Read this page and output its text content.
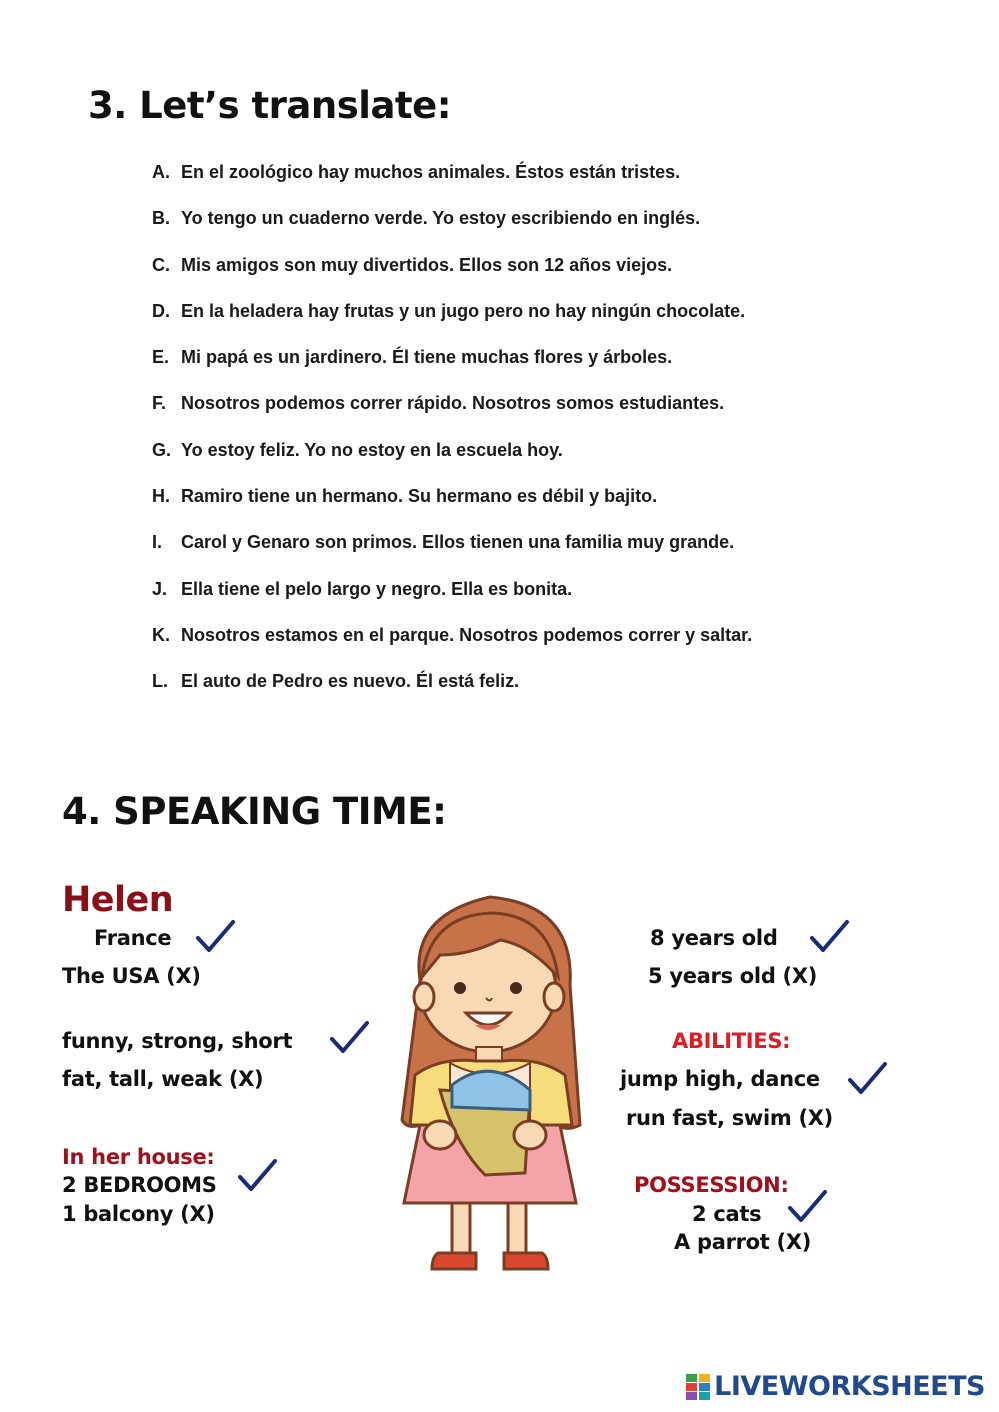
3. Let’s translate:
A. En el zoológico hay muchos animales. Éstos están tristes.
B. Yo tengo un cuaderno verde. Yo estoy escribiendo en inglés.
C. Mis amigos son muy divertidos. Ellos son 12 años viejos.
D. En la heladera hay frutas y un jugo pero no hay ningún chocolate.
E. Mi papá es un jardinero. Él tiene muchas flores y árboles.
F. Nosotros podemos correr rápido. Nosotros somos estudiantes.
G. Yo estoy feliz. Yo no estoy en la escuela hoy.
H. Ramiro tiene un hermano. Su hermano es débil y bajito.
I.	Carol y Genaro son primos. Ellos tienen una familia muy grande.
J. Ella tiene el pelo largo y negro. Ella es bonita.
K. Nosotros estamos en el parque. Nosotros podemos correr y saltar.
L. El auto de Pedro es nuevo. Él está feliz.
4. SPEAKING TIME:
Helen
France
The USA (X)
funny, strong, short
fat, tall, weak (X)
In her house:
2 BEDROOMS
1 balcony (X)
8 years old
5 years old (X)
ABILITIES:
jump high, dance
run fast, swim (X)
POSSESSION:
2 cats
A parrot (X)
LIVEWORKSHEETS
